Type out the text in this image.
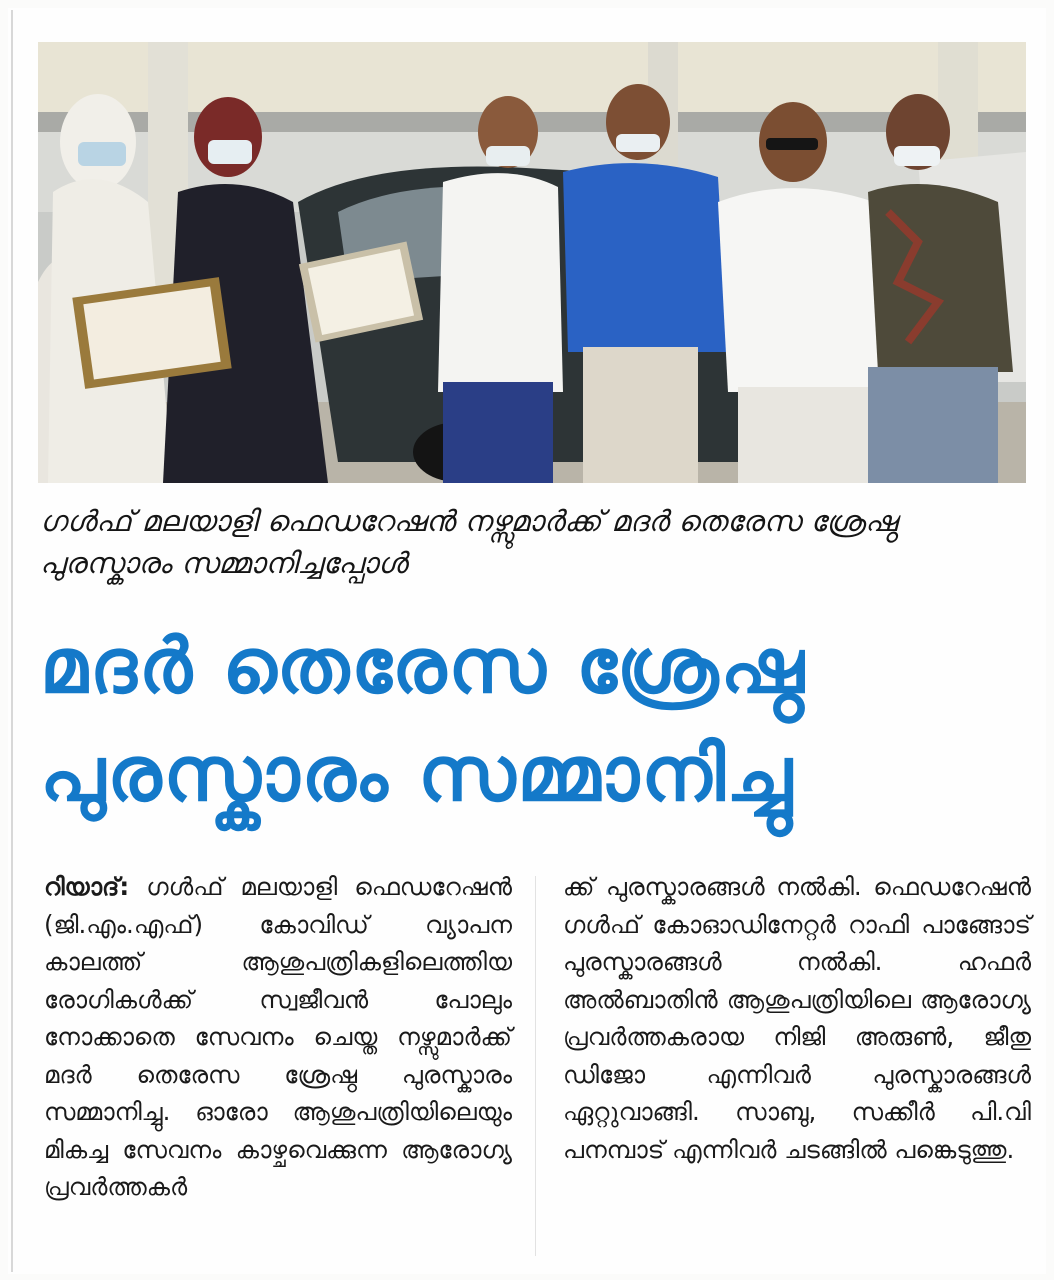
ഗൾഫ് മലയാളി ഫെഡറേഷൻ നഴ്സുമാർക്ക് മദർ തെരേസ ശ്രേഷ്ഠ പുരസ്കാരം സമ്മാനിച്ചപ്പോൾ
മദർ തെരേസ ശ്രേഷ്ഠ
പുരസ്കാരം സമ്മാനിച്ചു
റിയാദ്: ഗൾഫ് മലയാളി ഫെഡറേഷൻ (ജി.എം.എഫ്) കോവിഡ് വ്യാപന കാലത്ത് ആശുപത്രികളിലെത്തിയ രോഗികൾക്ക് സ്വജീവൻ പോലും നോക്കാതെ സേവനം ചെയ്ത നഴ്സുമാർക്ക് മദർ തെരേസ ശ്രേഷ്ഠ പുരസ്കാരം സമ്മാനിച്ചു. ഓരോ ആശുപത്രിയിലെയും മികച്ച സേവനം കാഴ്ചവെക്കുന്ന ആരോഗ്യ പ്രവർത്തകർ
ക്ക് പുരസ്കാരങ്ങൾ നൽകി. ഫെഡറേഷൻ ഗൾഫ് കോഓഡിനേറ്റർ റാഫി പാങ്ങോട് പുരസ്കാരങ്ങൾ നൽകി. ഹഫർ അൽബാതിൻ ആശുപത്രിയിലെ ആരോഗ്യ പ്രവർത്തകരായ നിജി അരുൺ, ജീതു ഡിജോ എന്നിവർ പുരസ്കാരങ്ങൾ ഏറ്റുവാങ്ങി. സാബു, സക്കീർ പി.വി പനമ്പാട് എന്നിവർ ചടങ്ങിൽ പങ്കെടുത്തു.
